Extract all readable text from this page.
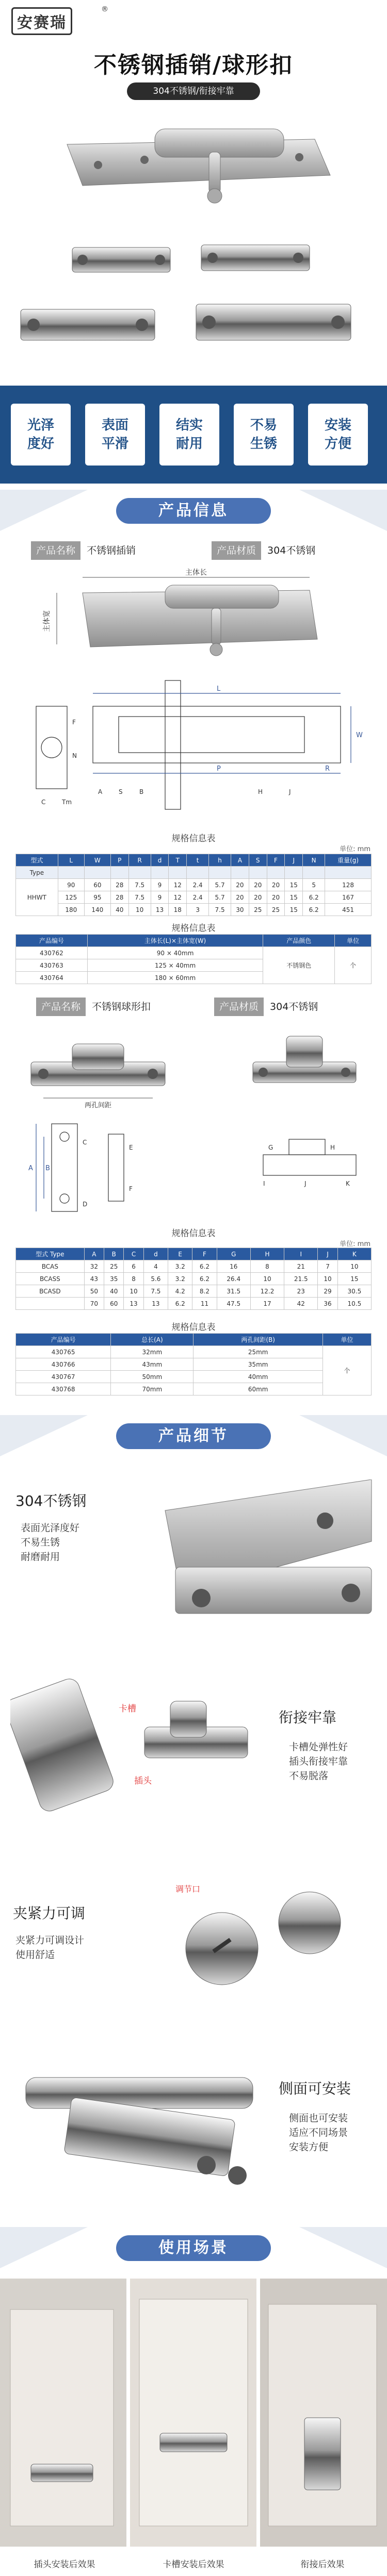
安赛瑞
®
不锈钢插销/球形扣
304不锈钢/衔接牢靠
光泽
度好
表面
平滑
结实
耐用
不易
生锈
安装
方便
产品信息
产品名称 不锈钢插销	产品材质 304不锈钢
主体长
主体宽
L
P	R
W
A	S	B	H	J
N
F
C	Tm
规格信息表
单位: mm
型式	L	W	P	R	d	T	t	h	A	S	F	J	N	重量(g)
Type														
HHWT	90	60	28	7.5	9	12	2.4	5.7	20	20	20	15	5	128
	125	95	28	7.5	9	12	2.4	5.7	20	20	20	15	6.2	167
	180	140	40	10	13	18	3	7.5	30	25	25	15	6.2	451
规格信息表
产品编号	主体长(L)×主体宽(W)	产品颜色	单位
430762	90 × 40mm	不锈钢色	个
430763	125 × 40mm		
430764	180 × 60mm		
产品名称 不锈钢球形扣	产品材质 304不锈钢
两孔间距
A B
C
D
E
F
G	H
I	J	K
规格信息表
单位: mm
型式 Type	A	B	C	d	E	F	G	H	I	J	K
BCAS	32	25	6	4	3.2	6.2	16	8	21	7	10
BCASS	43	35	8	5.6	3.2	6.2	26.4	10	21.5	10	15
BCASD	50	40	10	7.5	4.2	8.2	31.5	12.2	23	29	30.5
	70	60	13	13	6.2	11	47.5	17	42	36	10.5
规格信息表
产品编号	总长(A)	两孔间距(B)	单位
430765	32mm	25mm	个
430766	43mm	35mm	
430767	50mm	40mm	
430768	70mm	60mm	
产品细节
304不锈钢
表面光泽度好
不易生锈
耐磨耐用
卡槽
插头
衔接牢靠
卡槽处弹性好
插头衔接牢靠
不易脱落
夹紧力可调
夹紧力可调设计
使用舒适
调节口
侧面可安装
侧面也可安装
适应不同场景
安装方便
使用场景
插头安装后效果	卡槽安装后效果	衔接后效果
